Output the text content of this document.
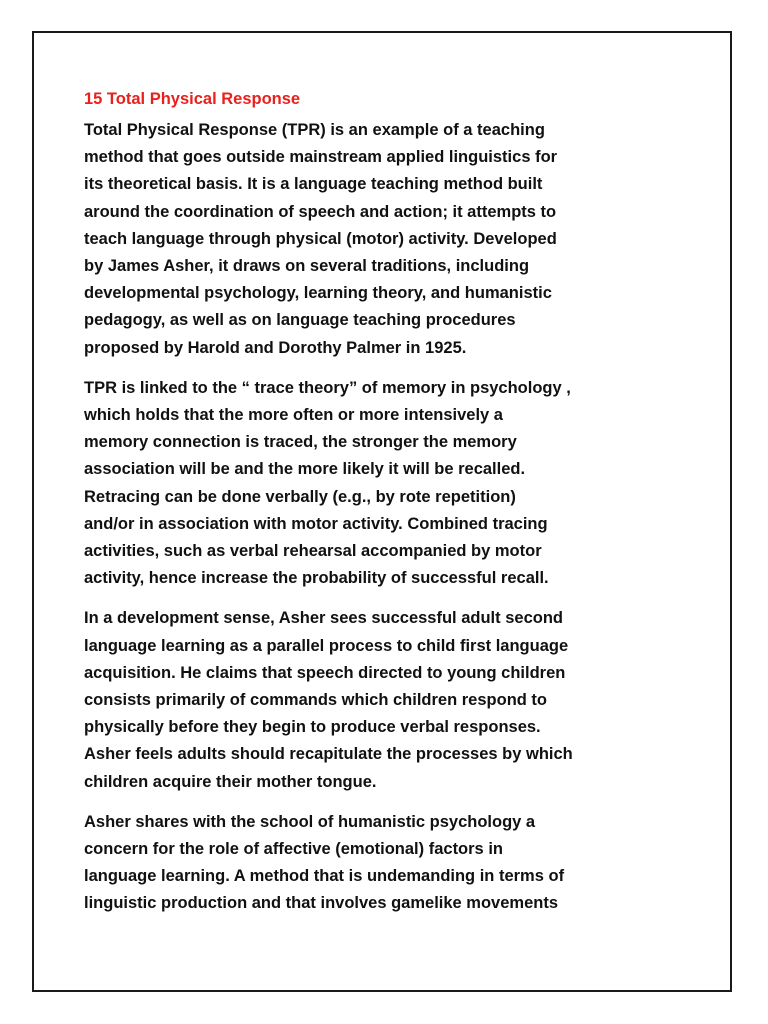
15 Total Physical Response

Total Physical Response (TPR) is an example of a teaching
method that goes outside mainstream applied linguistics for
its theoretical basis. It is a language teaching method built
around the coordination of speech and action; it attempts to
teach language through physical (motor) activity. Developed
by James Asher, it draws on several traditions, including
developmental psychology, learning theory, and humanistic
pedagogy, as well as on language teaching procedures
proposed by Harold and Dorothy Palmer in 1925.

TPR is linked to the “ trace theory” of memory in psychology ,
which holds that the more often or more intensively a
memory connection is traced, the stronger the memory
association will be and the more likely it will be recalled.
Retracing can be done verbally (e.g., by rote repetition)
and/or in association with motor activity. Combined tracing
activities, such as verbal rehearsal accompanied by motor
activity, hence increase the probability of successful recall.

In a development sense, Asher sees successful adult second
language learning as a parallel process to child first language
acquisition. He claims that speech directed to young children
consists primarily of commands which children respond to
physically before they begin to produce verbal responses.
Asher feels adults should recapitulate the processes by which
children acquire their mother tongue.

Asher shares with the school of humanistic psychology a
concern for the role of affective (emotional) factors in
language learning. A method that is undemanding in terms of
linguistic production and that involves gamelike movements
